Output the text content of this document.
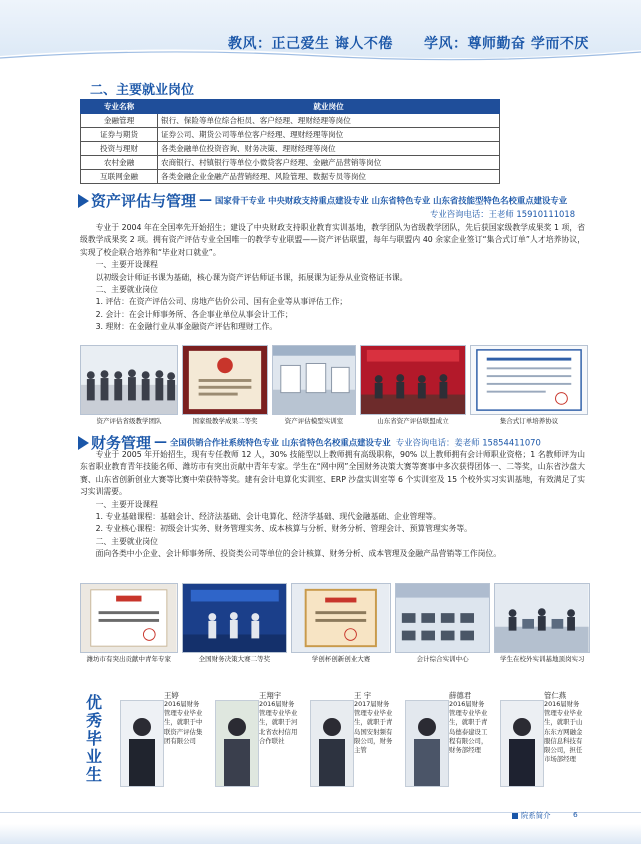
教风：正己爱生 诲人不倦 学风：尊师勤奋 学而不厌
二、主要就业岗位
专业名称	就业岗位
金融管理	银行、保险等单位综合柜员、客户经理、理财经理等岗位
证券与期货	证券公司、期货公司等单位客户经理、理财经理等岗位
投资与理财	各类金融单位投资咨询、财务决策、理财经理等岗位
农村金融	农商银行、村镇银行等单位小微贷客户经理、金融产品营销等岗位
互联网金融	各类金融企业金融产品营销经理、风险管理、数据专员等岗位
资产评估与管理 — 国家骨干专业 中央财政支持重点建设专业 山东省特色专业 山东省技能型特色名校重点建设专业
专业咨询电话：王老师 15910111018

专业于 2004 年在全国率先开始招生；建设了中央财政支持职业教育实训基地，教学团队为省级教学团队，先后获国家级教学成果奖 1 项，省级教学成果奖 2 项。拥有资产评估专业全国唯一的教学专业联盟——资产评估联盟，每年与联盟内 40 余家企业签订“集合式订单”人才培养协议，实现了校企联合培养和“毕业对口就业”。

一、主要开设课程

以初级会计师证书课为基础，核心课为资产评估师证书课，拓展课为证券从业资格证书课。

二、主要就业岗位

1. 评估：在资产评估公司、房地产估价公司、国有企业等从事评估工作；

2. 会计：在会计师事务所、各企事业单位从事会计工作；

3. 理财：在金融行业从事金融资产评估和理财工作。

资产评估省级教学团队	国家级教学成果二等奖	资产评估模型实训室	山东省资产评估联盟成立	集合式订单培养协议
财务管理 — 全国供销合作社系统特色专业 山东省特色名校重点建设专业 专业咨询电话：姜老师 15854411070

专业于 2005 年开始招生，现有专任教师 12 人，30% 技能型以上教师拥有高级职称，90% 以上教师拥有会计师职业资格；1 名教师评为山东省职业教育青年技能名师、潍坊市有突出贡献中青年专家。学生在“网中网”全国财务决策大赛等赛事中多次获得团体一、二等奖，山东省沙盘大赛、山东省创新创业大赛等比赛中荣获特等奖。建有会计电算化实训室、ERP 沙盘实训室等 6 个实训室及 15 个校外实习实训基地，有效满足了实习实训需要。

一、主要开设课程

1. 专业基础课程：基础会计、经济法基础、会计电算化、经济学基础、现代金融基础、企业管理等。

2. 专业核心课程：初级会计实务、财务管理实务、成本核算与分析、财务分析、管理会计、预算管理实务等。

二、主要就业岗位

面向各类中小企业、会计师事务所、投资类公司等单位的会计核算、财务分析、成本管理及金融产品营销等工作岗位。

潍坊市有突出贡献中青年专家	全国财务决策大赛二等奖	学创杯创新创业大赛	会计综合实训中心	学生在校外实训基地顶岗实习
优
秀
毕
业
生
王婷
2016届财务管理专业毕业生，就职于中联资产评估集团有限公司
王翔宇
2016届财务管理专业毕业生，就职于河北省农村信用合作联社
王 宇
2017届财务管理专业毕业生，就职于青岛国安射频有限公司，财务主管
薛德君
2016届财务管理专业毕业生，就职于青岛德泰建设工程有限公司，财务部经理
管仁燕
2016届财务管理专业毕业生，就职于山东东方网融金服信息科技有限公司，担任市场部经理
院系简介	6
